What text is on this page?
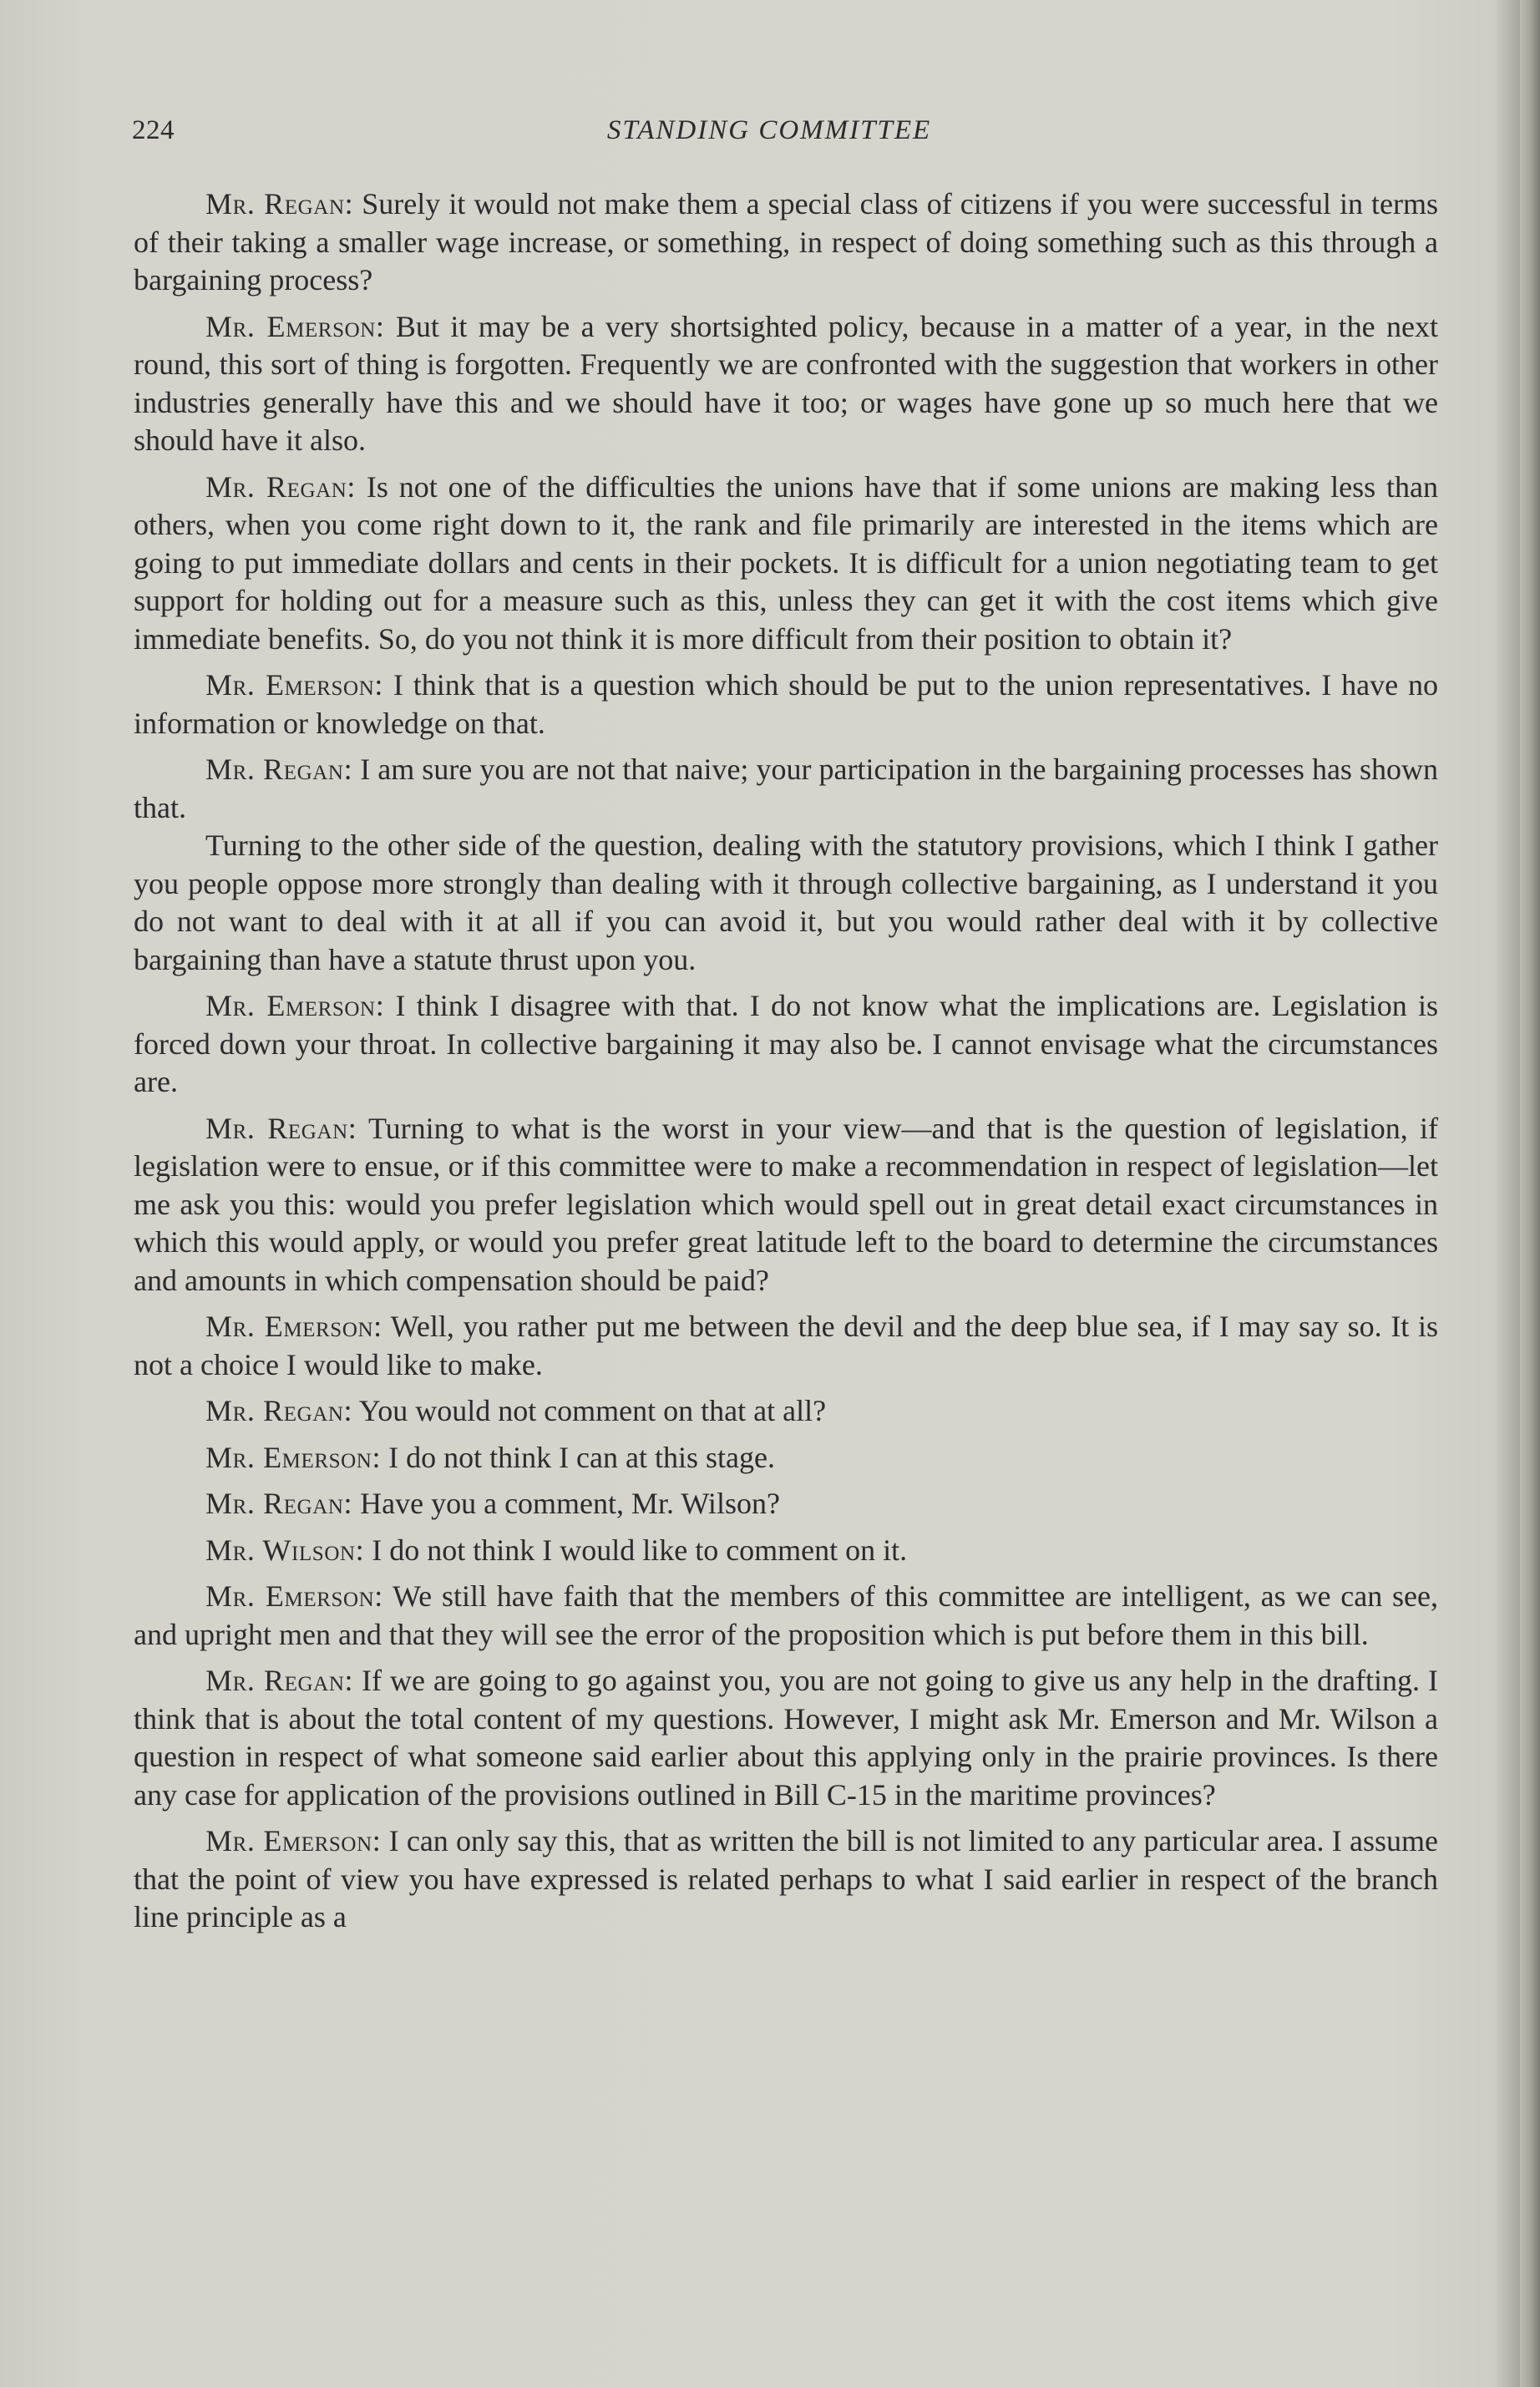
224	STANDING COMMITTEE

Mr. Regan: Surely it would not make them a special class of citizens if you were successful in terms of their taking a smaller wage increase, or something, in respect of doing something such as this through a bargaining process?

Mr. Emerson: But it may be a very shortsighted policy, because in a matter of a year, in the next round, this sort of thing is forgotten. Frequently we are confronted with the suggestion that workers in other industries generally have this and we should have it too; or wages have gone up so much here that we should have it also.

Mr. Regan: Is not one of the difficulties the unions have that if some unions are making less than others, when you come right down to it, the rank and file primarily are interested in the items which are going to put immediate dollars and cents in their pockets. It is difficult for a union negotiating team to get support for holding out for a measure such as this, unless they can get it with the cost items which give immediate benefits. So, do you not think it is more difficult from their position to obtain it?

Mr. Emerson: I think that is a question which should be put to the union representatives. I have no information or knowledge on that.

Mr. Regan: I am sure you are not that naive; your participation in the bargaining processes has shown that.

Turning to the other side of the question, dealing with the statutory provisions, which I think I gather you people oppose more strongly than dealing with it through collective bargaining, as I understand it you do not want to deal with it at all if you can avoid it, but you would rather deal with it by collective bargaining than have a statute thrust upon you.

Mr. Emerson: I think I disagree with that. I do not know what the implications are. Legislation is forced down your throat. In collective bargaining it may also be. I cannot envisage what the circumstances are.

Mr. Regan: Turning to what is the worst in your view—and that is the question of legislation, if legislation were to ensue, or if this committee were to make a recommendation in respect of legislation—let me ask you this: would you prefer legislation which would spell out in great detail exact circumstances in which this would apply, or would you prefer great latitude left to the board to determine the circumstances and amounts in which compensation should be paid?

Mr. Emerson: Well, you rather put me between the devil and the deep blue sea, if I may say so. It is not a choice I would like to make.

Mr. Regan: You would not comment on that at all?

Mr. Emerson: I do not think I can at this stage.

Mr. Regan: Have you a comment, Mr. Wilson?

Mr. Wilson: I do not think I would like to comment on it.

Mr. Emerson: We still have faith that the members of this committee are intelligent, as we can see, and upright men and that they will see the error of the proposition which is put before them in this bill.

Mr. Regan: If we are going to go against you, you are not going to give us any help in the drafting. I think that is about the total content of my questions. However, I might ask Mr. Emerson and Mr. Wilson a question in respect of what someone said earlier about this applying only in the prairie provinces. Is there any case for application of the provisions outlined in Bill C-15 in the maritime provinces?

Mr. Emerson: I can only say this, that as written the bill is not limited to any particular area. I assume that the point of view you have expressed is related perhaps to what I said earlier in respect of the branch line principle as a
